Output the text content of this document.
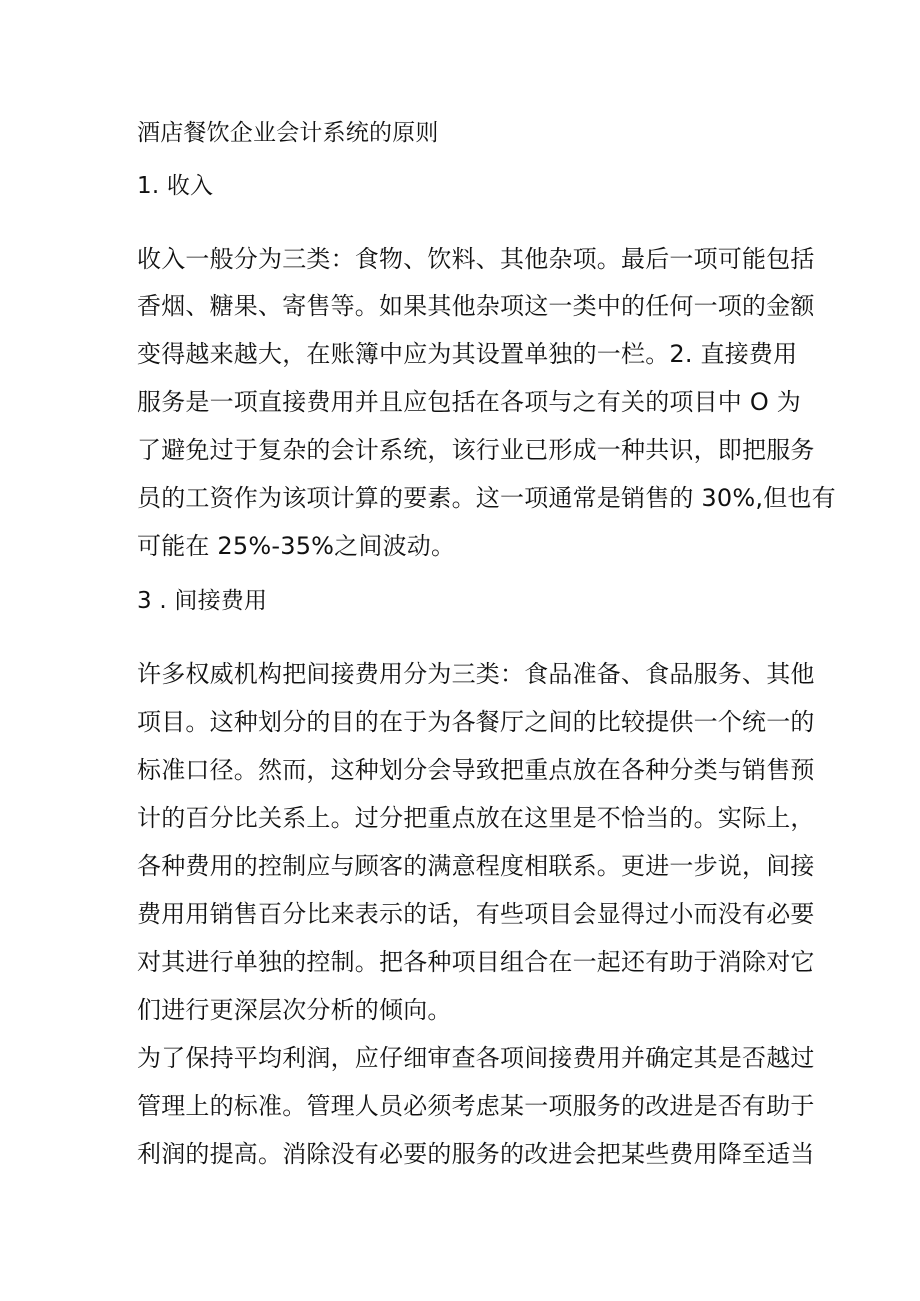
酒店餐饮企业会计系统的原则

1. 收入

收入一般分为三类：食物、饮料、其他杂项。最后一项可能包括

香烟、糖果、寄售等。如果其他杂项这一类中的任何一项的金额

变得越来越大，在账簿中应为其设置单独的一栏。2. 直接费用

服务是一项直接费用并且应包括在各项与之有关的项目中 O 为

了避免过于复杂的会计系统，该行业已形成一种共识，即把服务

员的工资作为该项计算的要素。这一项通常是销售的 30%,但也有

可能在 25%-35%之间波动。

3 . 间接费用

许多权威机构把间接费用分为三类：食品准备、食品服务、其他

项目。这种划分的目的在于为各餐厅之间的比较提供一个统一的

标准口径。然而，这种划分会导致把重点放在各种分类与销售预

计的百分比关系上。过分把重点放在这里是不恰当的。实际上，

各种费用的控制应与顾客的满意程度相联系。更进一步说，间接

费用用销售百分比来表示的话，有些项目会显得过小而没有必要

对其进行单独的控制。把各种项目组合在一起还有助于消除对它

们进行更深层次分析的倾向。

为了保持平均利润，应仔细审查各项间接费用并确定其是否越过

管理上的标准。管理人员必须考虑某一项服务的改进是否有助于

利润的提高。消除没有必要的服务的改进会把某些费用降至适当
